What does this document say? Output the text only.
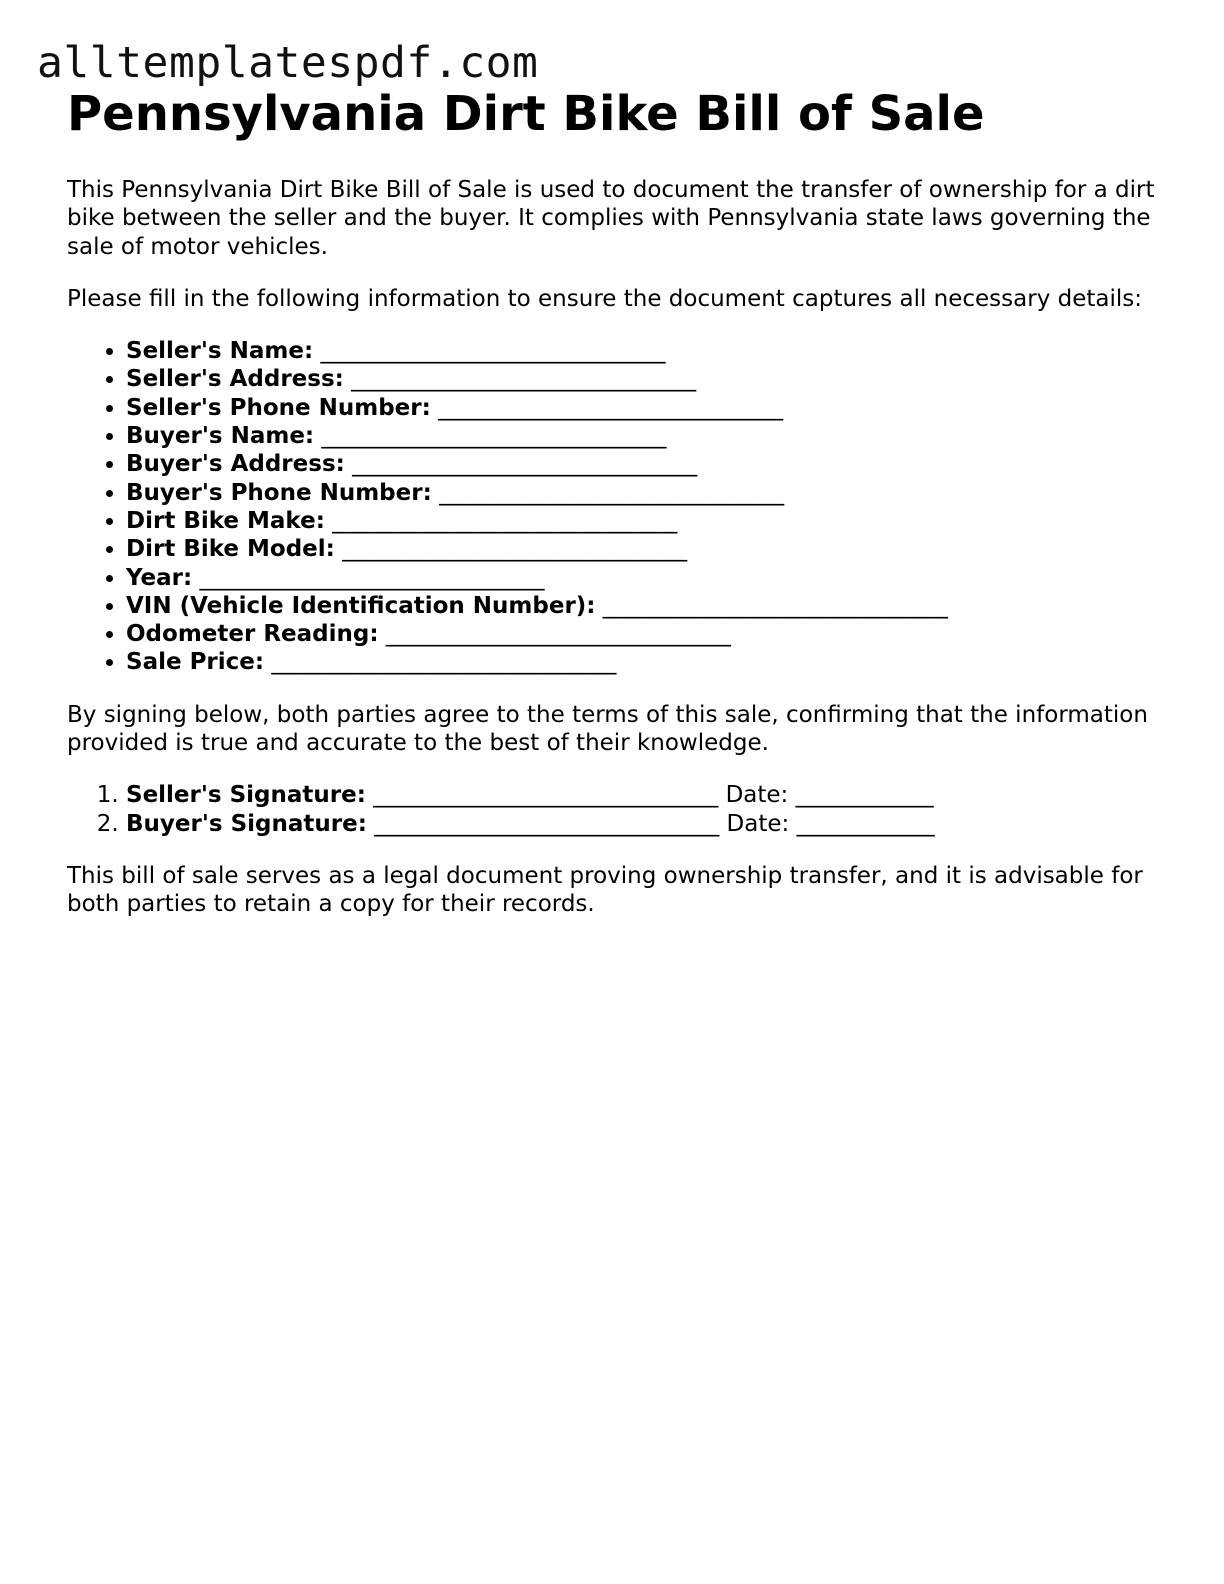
alltemplatespdf.com
Pennsylvania Dirt Bike Bill of Sale

This Pennsylvania Dirt Bike Bill of Sale is used to document the transfer of ownership for a dirt bike between the seller and the buyer. It complies with Pennsylvania state laws governing the sale of motor vehicles.

Please fill in the following information to ensure the document captures all necessary details:

• Seller's Name: ______________________________
• Seller's Address: ______________________________
• Seller's Phone Number: ______________________________
• Buyer's Name: ______________________________
• Buyer's Address: ______________________________
• Buyer's Phone Number: ______________________________
• Dirt Bike Make: ______________________________
• Dirt Bike Model: ______________________________
• Year: ______________________________
• VIN (Vehicle Identification Number): ______________________________
• Odometer Reading: ______________________________
• Sale Price: ______________________________

By signing below, both parties agree to the terms of this sale, confirming that the information provided is true and accurate to the best of their knowledge.

1. Seller's Signature: ______________________________ Date: ____________
2. Buyer's Signature: ______________________________ Date: ____________

This bill of sale serves as a legal document proving ownership transfer, and it is advisable for both parties to retain a copy for their records.
